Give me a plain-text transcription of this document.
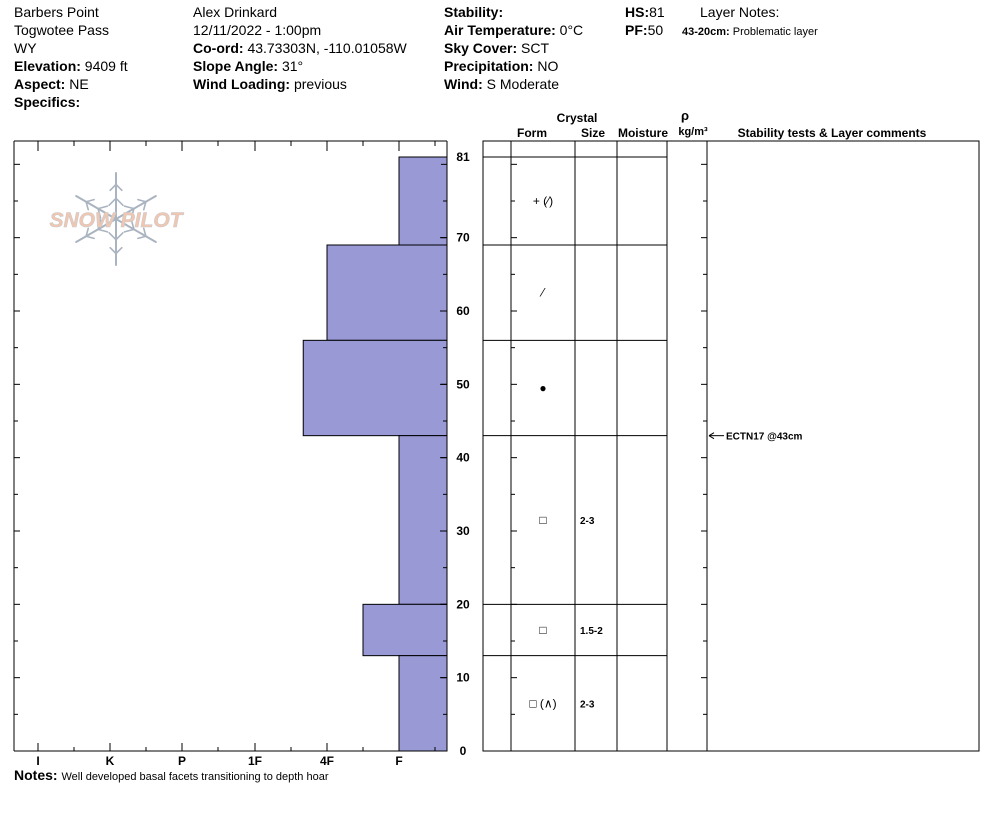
Barbers Point
Togwotee Pass
WY
Elevation: 9409 ft
Aspect: NE
Specifics:
Alex Drinkard
12/11/2022 - 1:00pm
Co-ord: 43.73303N, -110.01058W
Slope Angle: 31°
Wind Loading: previous
Stability:
Air Temperature: 0°C
Sky Cover: SCT
Precipitation: NO
Wind: S Moderate
HS:81
PF:50
Layer Notes:
43-20cm: Problematic layer
SNOW PILOT
0
10
20
30
40
50
60
70
81
I	K	P	1F	4F	F
Crystal
Form	Size Moisture
ρ
kg/m³ Stability tests & Layer comments
+ (⁄)
⁄
●
□	2-3
□	1.5-2
□ (∧) 2-3
ECTN17 @43cm
Notes: Well developed basal facets transitioning to depth hoar
